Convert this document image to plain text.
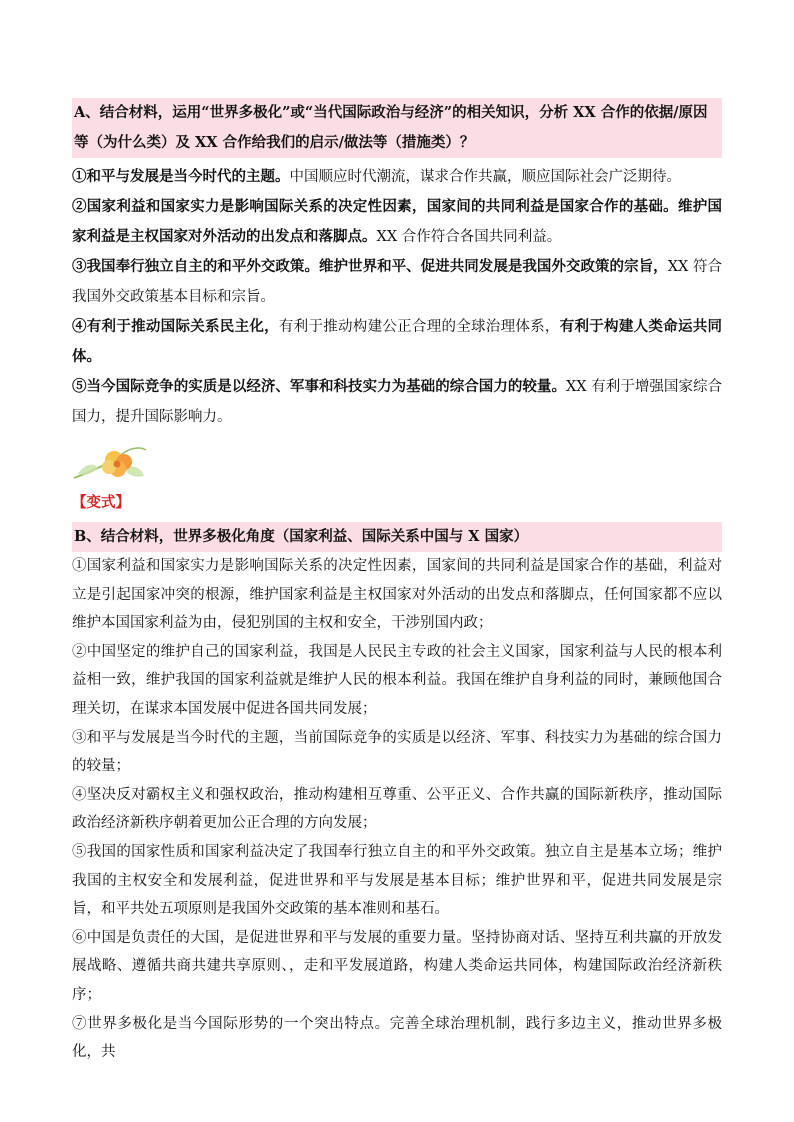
A、结合材料，运用“世界多极化”或“当代国际政治与经济”的相关知识，分析 XX 合作的依据/原因等（为什么类）及 XX 合作给我们的启示/做法等（措施类）？

①和平与发展是当今时代的主题。中国顺应时代潮流，谋求合作共赢，顺应国际社会广泛期待。

②国家利益和国家实力是影响国际关系的决定性因素，国家间的共同利益是国家合作的基础。维护国家利益是主权国家对外活动的出发点和落脚点。XX 合作符合各国共同利益。

③我国奉行独立自主的和平外交政策。维护世界和平、促进共同发展是我国外交政策的宗旨，XX 符合我国外交政策基本目标和宗旨。

④有利于推动国际关系民主化，有利于推动构建公正合理的全球治理体系，有利于构建人类命运共同体。

⑤当今国际竞争的实质是以经济、军事和科技实力为基础的综合国力的较量。XX 有利于增强国家综合国力，提升国际影响力。

【变式】
B、结合材料，世界多极化角度（国家利益、国际关系中国与 X 国家）

①国家利益和国家实力是影响国际关系的决定性因素，国家间的共同利益是国家合作的基础，利益对立是引起国家冲突的根源，维护国家利益是主权国家对外活动的出发点和落脚点，任何国家都不应以维护本国国家利益为由，侵犯别国的主权和安全，干涉别国内政；

②中国坚定的维护自己的国家利益，我国是人民民主专政的社会主义国家，国家利益与人民的根本利益相一致，维护我国的国家利益就是维护人民的根本利益。我国在维护自身利益的同时，兼顾他国合理关切，在谋求本国发展中促进各国共同发展；

③和平与发展是当今时代的主题，当前国际竞争的实质是以经济、军事、科技实力为基础的综合国力的较量；

④坚决反对霸权主义和强权政治，推动构建相互尊重、公平正义、合作共赢的国际新秩序，推动国际政治经济新秩序朝着更加公正合理的方向发展；

⑤我国的国家性质和国家利益决定了我国奉行独立自主的和平外交政策。独立自主是基本立场；维护我国的主权安全和发展利益，促进世界和平与发展是基本目标；维护世界和平，促进共同发展是宗旨，和平共处五项原则是我国外交政策的基本准则和基石。

⑥中国是负责任的大国，是促进世界和平与发展的重要力量。坚持协商对话、坚持互利共赢的开放发展战略、遵循共商共建共享原则、，走和平发展道路，构建人类命运共同体，构建国际政治经济新秩序；

⑦世界多极化是当今国际形势的一个突出特点。完善全球治理机制，践行多边主义，推动世界多极化，共
